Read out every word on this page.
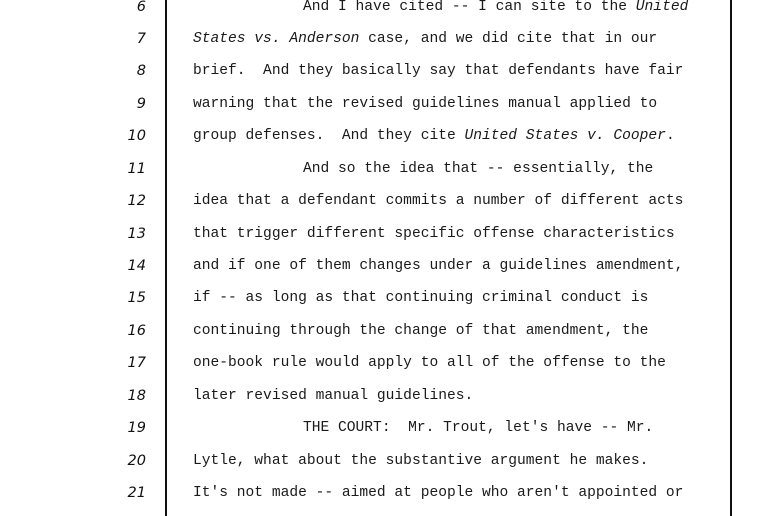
6	And I have cited -- I can site to the United
7	States vs. Anderson case, and we did cite that in our
8	brief.  And they basically say that defendants have fair
9	warning that the revised guidelines manual applied to
10	group defenses.  And they cite United States v. Cooper.
11	And so the idea that -- essentially, the
12	idea that a defendant commits a number of different acts
13	that trigger different specific offense characteristics
14	and if one of them changes under a guidelines amendment,
15	if -- as long as that continuing criminal conduct is
16	continuing through the change of that amendment, the
17	one-book rule would apply to all of the offense to the
18	later revised manual guidelines.
19	THE COURT:  Mr. Trout, let's have -- Mr.
20	Lytle, what about the substantive argument he makes.
21	It's not made -- aimed at people who aren't appointed or
